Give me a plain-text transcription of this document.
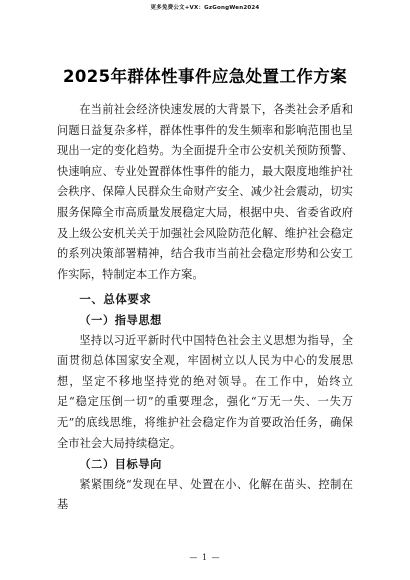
更多免费公文+VX：GzGongWen2024
2025年群体性事件应急处置工作方案

在当前社会经济快速发展的大背景下，各类社会矛盾和问题日益复杂多样，群体性事件的发生频率和影响范围也呈现出一定的变化趋势。为全面提升全市公安机关预防预警、快速响应、专业处置群体性事件的能力，最大限度地维护社会秩序、保障人民群众生命财产安全、减少社会震动，切实服务保障全市高质量发展稳定大局，根据中央、省委省政府及上级公安机关关于加强社会风险防范化解、维护社会稳定的系列决策部署精神，结合我市当前社会稳定形势和公安工作实际，特制定本工作方案。

一、总体要求
（一）指导思想

坚持以习近平新时代中国特色社会主义思想为指导，全面贯彻总体国家安全观，牢固树立以人民为中心的发展思想，坚定不移地坚持党的绝对领导。在工作中，始终立足“稳定压倒一切”的重要理念，强化“万无一失、一失万无”的底线思维，将维护社会稳定作为首要政治任务，确保全市社会大局持续稳定。

（二）目标导向

紧紧围绕“发现在早、处置在小、化解在苗头、控制在基

— 1 —
